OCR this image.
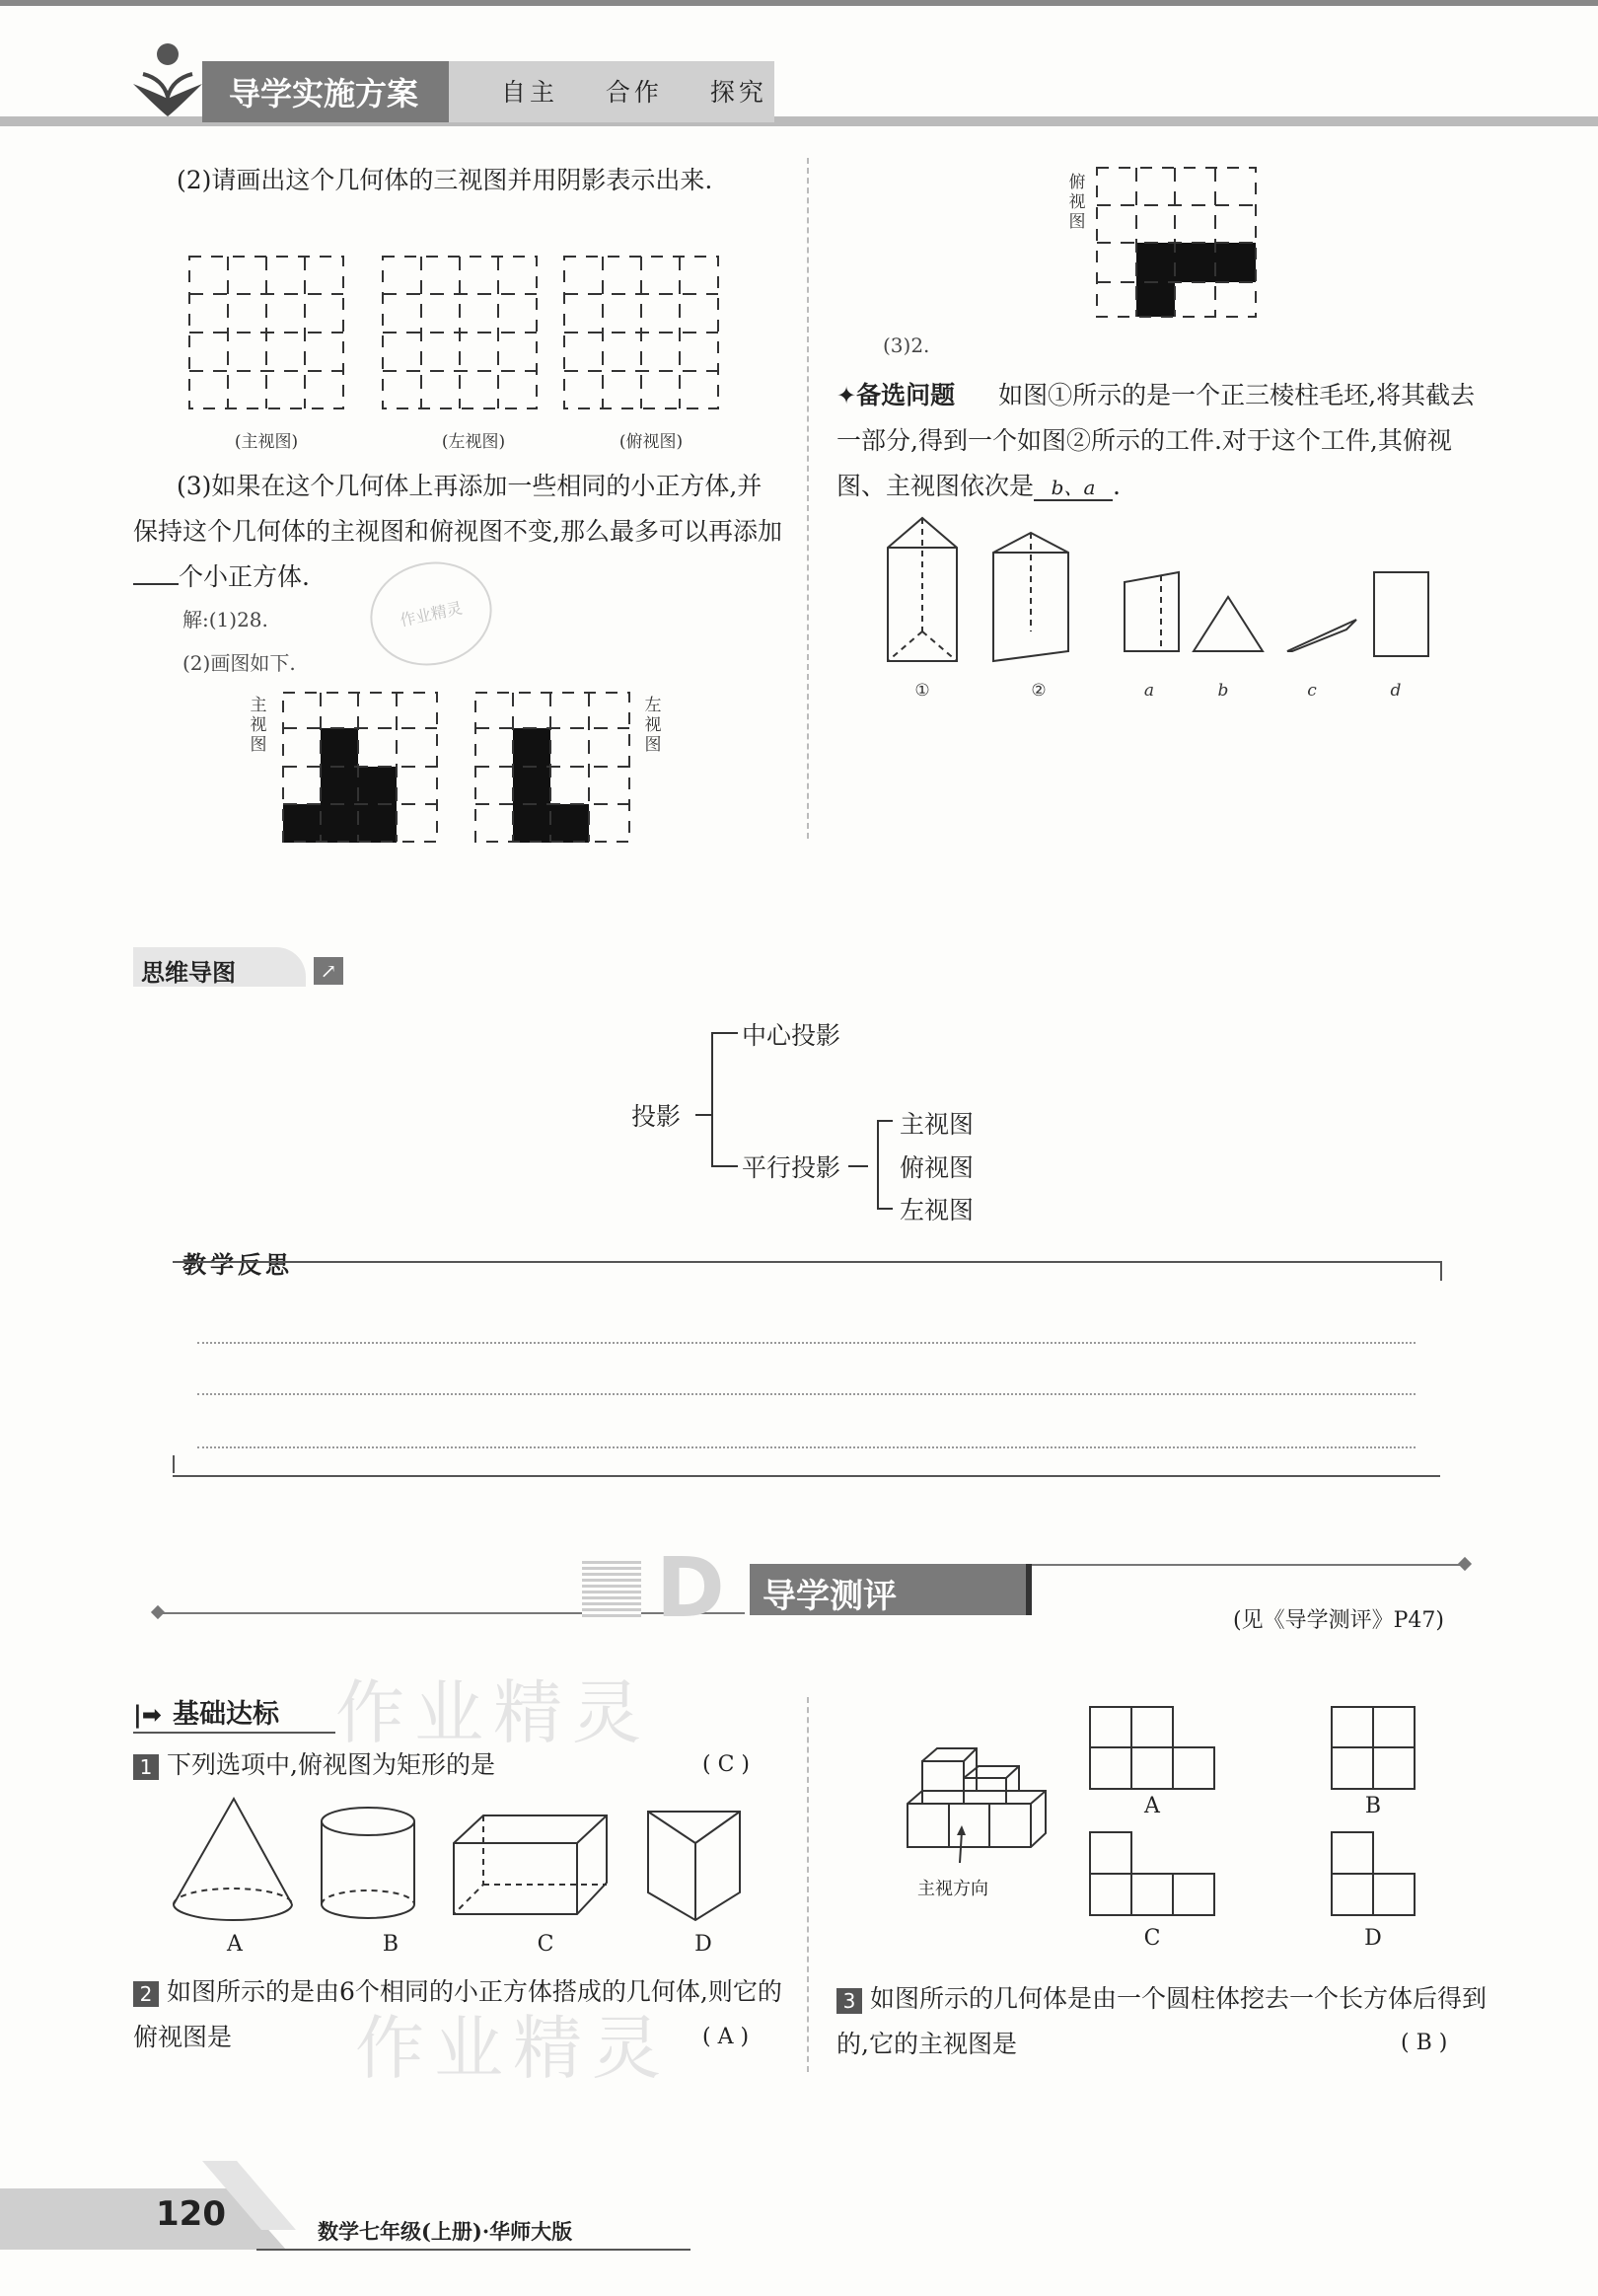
导学实施方案	自主 合作 探究
(2)请画出这个几何体的三视图并用阴影表示出来.
(主视图)	(左视图)	(俯视图)
(3)如果在这个几何体上再添加一些相同的小正方体,并保持这个几何体的主视图和俯视图不变,那么最多可以再添加个小正方体.
作业精灵
解:(1)28.
(2)画图如下.
主视图
左视图
俯视图
(3)2.
✦备选问题 如图①所示的是一个正三棱柱毛坯,将其截去一部分,得到一个如图②所示的工件.对于这个工件,其俯视图、主视图依次是 b、a .
①	②	a	b	c	d
思维导图	↗
投影
中心投影
平行投影
主视图
俯视图
左视图
教学反思
D 导学测评
(见《导学测评》P47)
|➡ 基础达标 作业精灵
作业精灵
1 下列选项中,俯视图为矩形的是	( C )
A	B	C	D
2 如图所示的是由6个相同的小正方体搭成的几何体,则它的俯视图是	( A )
主视方向
A	B
C	D
3 如图所示的几何体是由一个圆柱体挖去一个长方体后得到的,它的主视图是	( B )
120	数学七年级(上册)·华师大版
